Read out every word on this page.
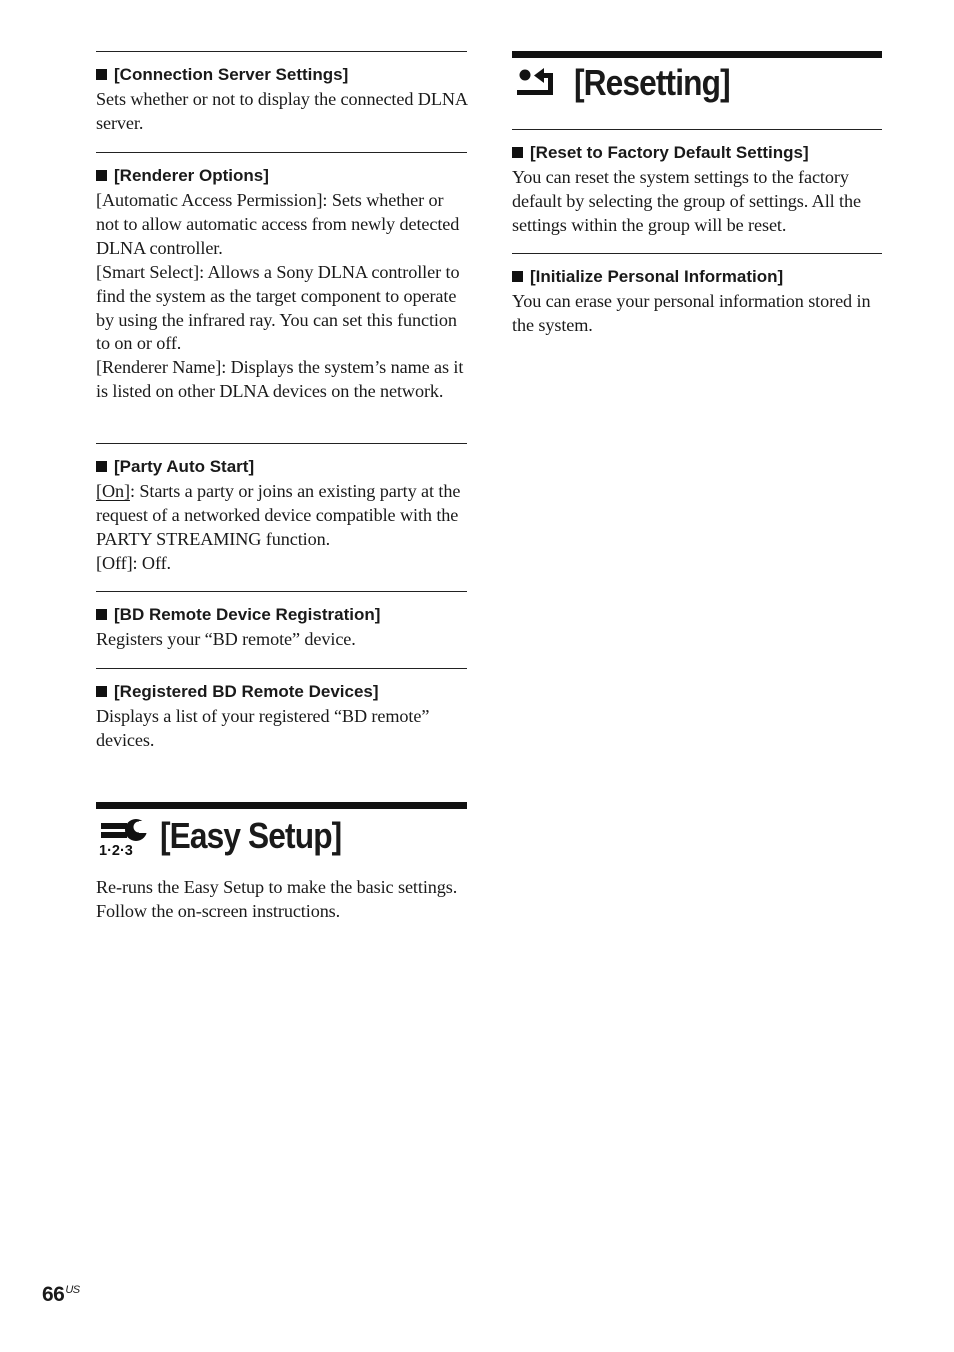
[Connection Server Settings]

Sets whether or not to display the connected DLNA server.

[Renderer Options]

[Automatic Access Permission]: Sets whether or not to allow automatic access from newly detected DLNA controller.

[Smart Select]: Allows a Sony DLNA controller to find the system as the target component to operate by using the infrared ray. You can set this function to on or off.

[Renderer Name]: Displays the system’s name as it is listed on other DLNA devices on the network.

[Party Auto Start]

[On]: Starts a party or joins an existing party at the request of a networked device compatible with the PARTY STREAMING function.

[Off]: Off.

[BD Remote Device Registration]

Registers your “BD remote” device.

[Registered BD Remote Devices]

Displays a list of your registered “BD remote” devices.

1·2·3 [Easy Setup]

Re-runs the Easy Setup to make the basic settings. Follow the on-screen instructions.

[Resetting]
[Reset to Factory Default Settings]

You can reset the system settings to the factory default by selecting the group of settings. All the settings within the group will be reset.

[Initialize Personal Information]

You can erase your personal information stored in the system.

$66^{US}$
